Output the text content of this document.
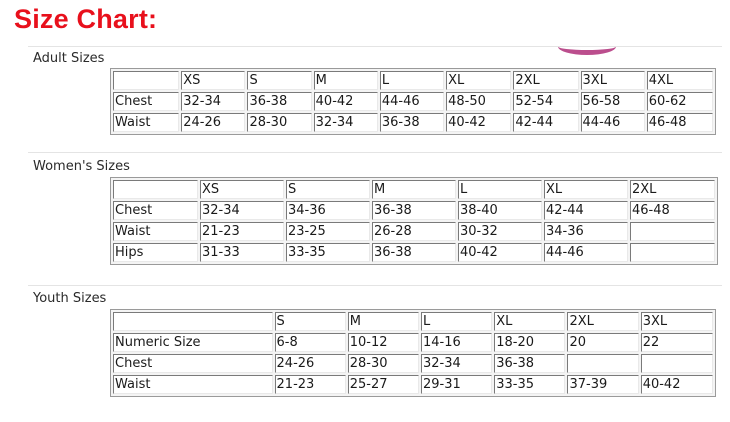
Size Chart:
Adult Sizes
	XS	S	M	L	XL	2XL	3XL	4XL
Chest	32-34	36-38	40-42	44-46	48-50	52-54	56-58	60-62
Waist	24-26	28-30	32-34	36-38	40-42	42-44	44-46	46-48
Women's Sizes
	XS	S	M	L	XL	2XL
Chest	32-34	34-36	36-38	38-40	42-44	46-48
Waist	21-23	23-25	26-28	30-32	34-36	
Hips	31-33	33-35	36-38	40-42	44-46	
Youth Sizes
	S	M	L	XL	2XL	3XL
Numeric Size	6-8	10-12	14-16	18-20	20	22
Chest	24-26	28-30	32-34	36-38		
Waist	21-23	25-27	29-31	33-35	37-39	40-42
